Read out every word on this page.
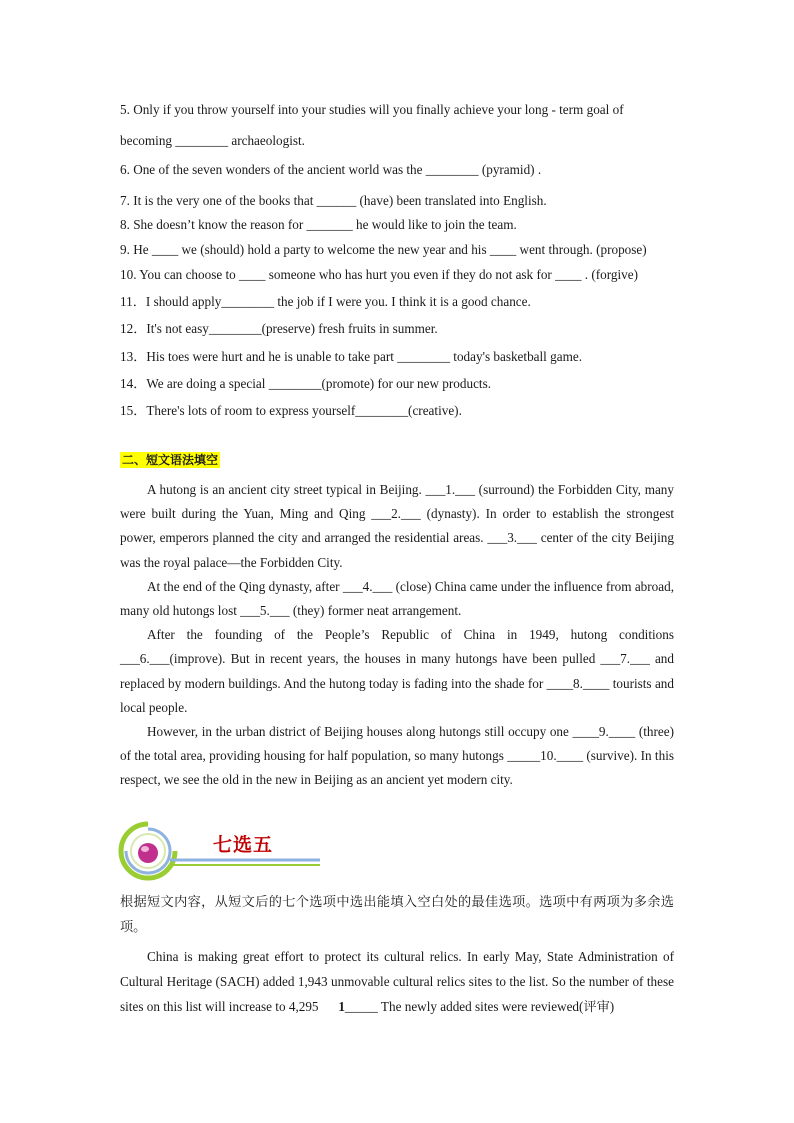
5. Only if you throw yourself into your studies will you finally achieve your long - term goal of
becoming ________ archaeologist.
6. One of the seven wonders of the ancient world was the ________ (pyramid) .
7. It is the very one of the books that ______ (have) been translated into English.
8. She doesn’t know the reason for _______ he would like to join the team.
9. He ____ we (should) hold a party to welcome the new year and his ____ went through. (propose)
10. You can choose to ____ someone who has hurt you even if they do not ask for ____ . (forgive)
11．I should apply________ the job if I were you. I think it is a good chance.
12．It's not easy________(preserve) fresh fruits in summer.
13．His toes were hurt and he is unable to take part ________ today's basketball game.
14．We are doing a special ________(promote) for our new products.
15．There's lots of room to express yourself________(creative).
二、短文语法填空

A hutong is an ancient city street typical in Beijing. ___1.___ (surround) the Forbidden City, many were built during the Yuan, Ming and Qing ___2.___ (dynasty). In order to establish the strongest power, emperors planned the city and arranged the residential areas. ___3.___ center of the city Beijing was the royal palace—the Forbidden City.

At the end of the Qing dynasty, after ___4.___ (close) China came under the influence from abroad, many old hutongs lost ___5.___ (they) former neat arrangement.

After the founding of the People’s Republic of China in 1949, hutong conditions ___6.___(improve). But in recent years, the houses in many hutongs have been pulled ___7.___ and replaced by modern buildings. And the hutong today is fading into the shade for ____8.____ tourists and local people.

However, in the urban district of Beijing houses along hutongs still occupy one ____9.____ (three) of the total area, providing housing for half population, so many hutongs _____10.____ (survive). In this respect, we see the old in the new in Beijing as an ancient yet modern city.

七选五
根据短文内容，从短文后的七个选项中选出能填入空白处的最佳选项。选项中有两项为多余选项。

China is making great effort to protect its cultural relics. In early May, State Administration of Cultural Heritage (SACH) added 1,943 unmovable cultural relics sites to the list. So the number of these sites on this list will increase to 4,295 1_____ The newly added sites were reviewed(评审)
